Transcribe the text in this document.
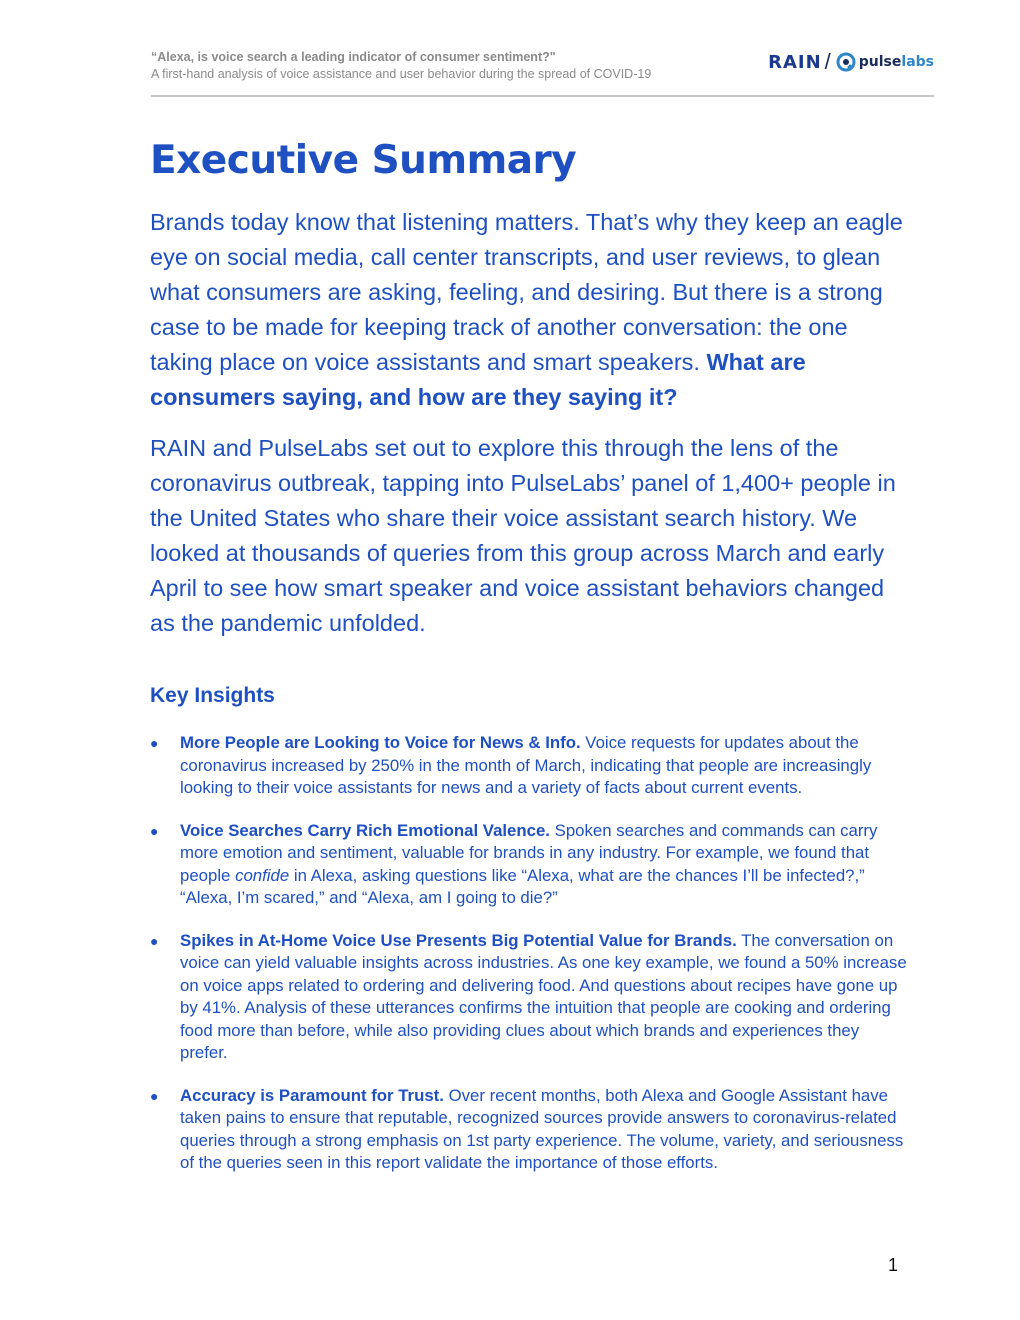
“Alexa, is voice search a leading indicator of consumer sentiment?"
A first-hand analysis of voice assistance and user behavior during the spread of COVID-19
RAIN / pulse labs
Executive Summary

Brands today know that listening matters. That’s why they keep an eagle eye on social media, call center transcripts, and user reviews, to glean what consumers are asking, feeling, and desiring. But there is a strong case to be made for keeping track of another conversation: the one taking place on voice assistants and smart speakers. What are consumers saying, and how are they saying it?

RAIN and PulseLabs set out to explore this through the lens of the coronavirus outbreak, tapping into PulseLabs’ panel of 1,400+ people in the United States who share their voice assistant search history. We looked at thousands of queries from this group across March and early April to see how smart speaker and voice assistant behaviors changed as the pandemic unfolded.

Key Insights
● More People are Looking to Voice for News & Info. Voice requests for updates about the coronavirus increased by 250% in the month of March, indicating that people are increasingly looking to their voice assistants for news and a variety of facts about current events.
● Voice Searches Carry Rich Emotional Valence. Spoken searches and commands can carry more emotion and sentiment, valuable for brands in any industry. For example, we found that people confide in Alexa, asking questions like “Alexa, what are the chances I’ll be infected?,” “Alexa, I’m scared,” and “Alexa, am I going to die?”
● Spikes in At-Home Voice Use Presents Big Potential Value for Brands. The conversation on voice can yield valuable insights across industries. As one key example, we found a 50% increase on voice apps related to ordering and delivering food. And questions about recipes have gone up by 41%. Analysis of these utterances confirms the intuition that people are cooking and ordering food more than before, while also providing clues about which brands and experiences they prefer.
● Accuracy is Paramount for Trust. Over recent months, both Alexa and Google Assistant have taken pains to ensure that reputable, recognized sources provide answers to coronavirus-related queries through a strong emphasis on 1st party experience. The volume, variety, and seriousness of the queries seen in this report validate the importance of those efforts.
1
